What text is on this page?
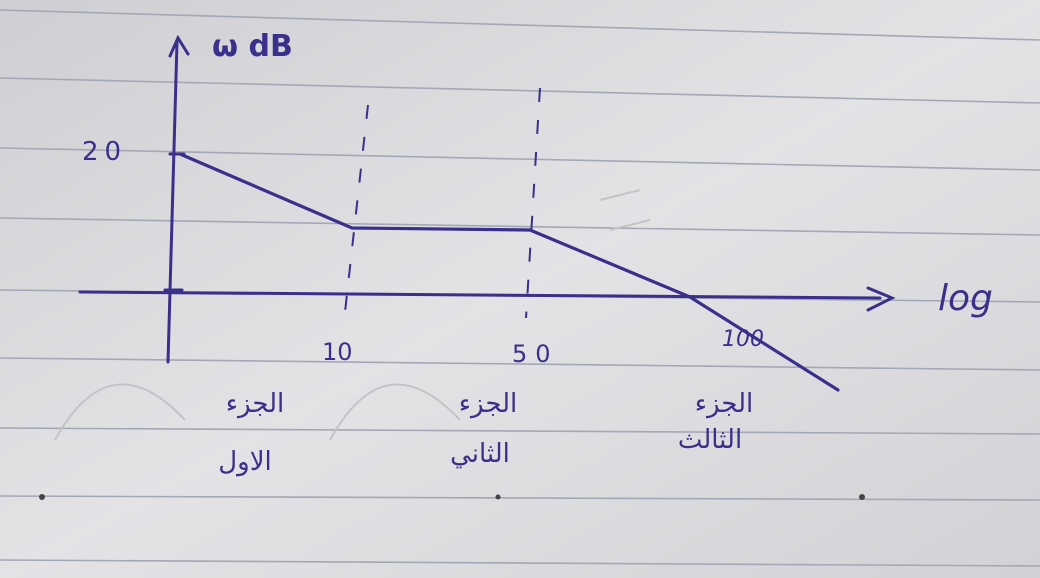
ω dB
log
20
10	50
100
الجزء
الاول
الجزء
الثاني
الجزء
الثالث
